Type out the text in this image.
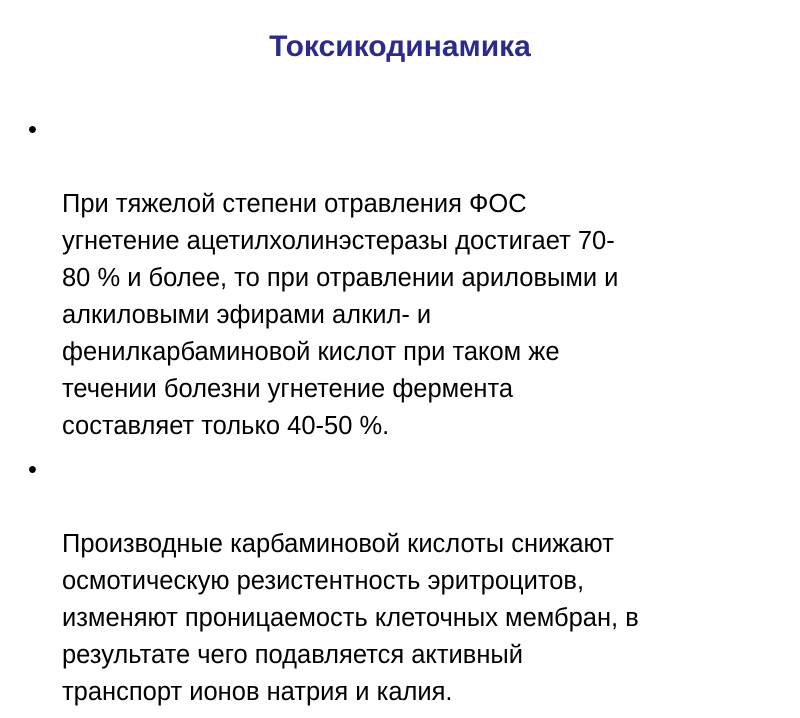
Токсикодинамика

•

При тяжелой степени отравления ФОС
угнетение ацетилхолинэстеразы достигает 70-
80 % и более, то при отравлении ариловыми и
алкиловыми эфирами алкил- и
фенилкарбаминовой кислот при таком же
течении болезни угнетение фермента
составляет только 40-50 %.

•

Производные карбаминовой кислоты снижают
осмотическую резистентность эритроцитов,
изменяют проницаемость клеточных мембран, в
результате чего подавляется активный
транспорт ионов натрия и калия.
